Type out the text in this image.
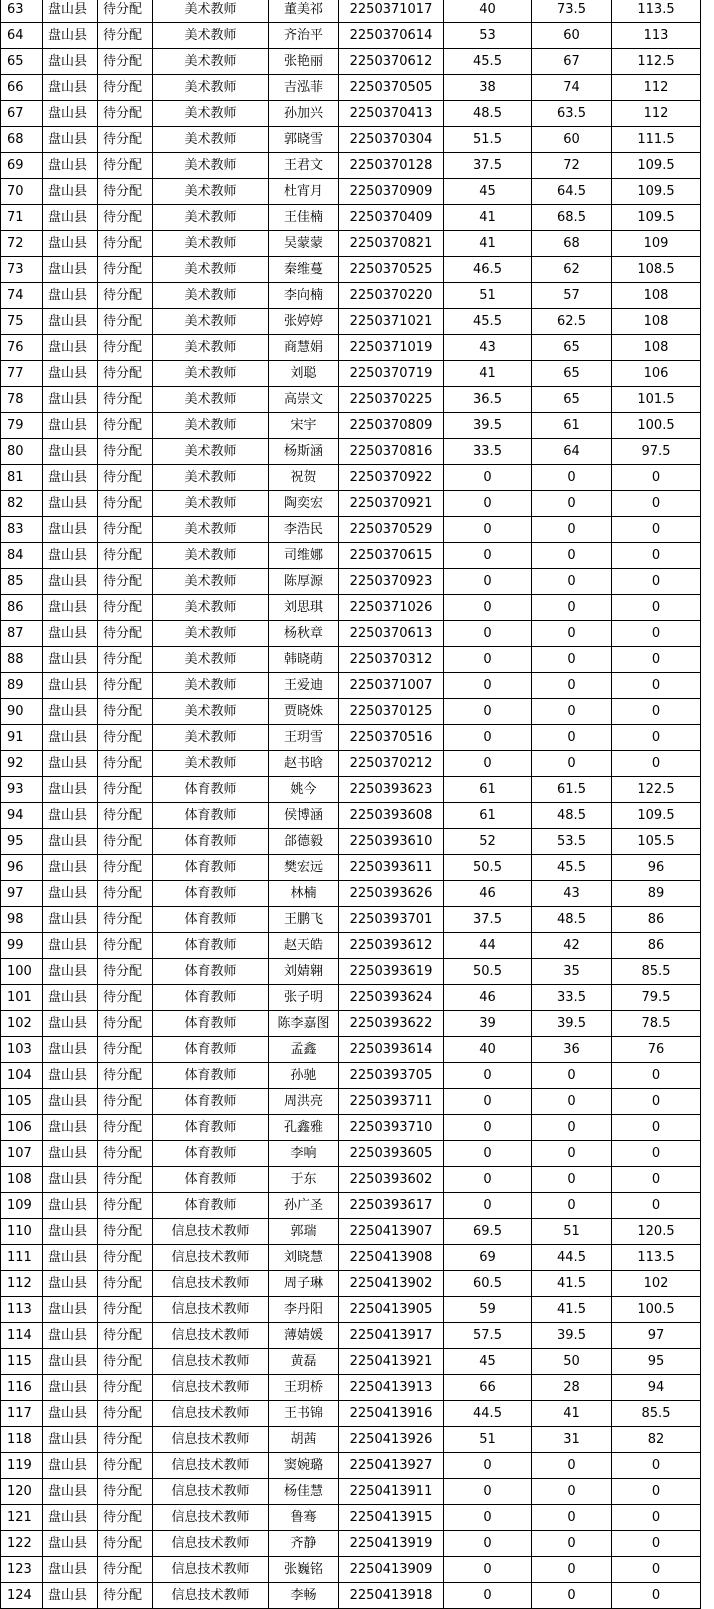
63	盘山县	待分配	美术教师	董美祁	2250371017	40	73.5	113.5
64	盘山县	待分配	美术教师	齐治平	2250370614	53	60	113
65	盘山县	待分配	美术教师	张艳丽	2250370612	45.5	67	112.5
66	盘山县	待分配	美术教师	吉泓菲	2250370505	38	74	112
67	盘山县	待分配	美术教师	孙加兴	2250370413	48.5	63.5	112
68	盘山县	待分配	美术教师	郭晓雪	2250370304	51.5	60	111.5
69	盘山县	待分配	美术教师	王君文	2250370128	37.5	72	109.5
70	盘山县	待分配	美术教师	杜宵月	2250370909	45	64.5	109.5
71	盘山县	待分配	美术教师	王佳楠	2250370409	41	68.5	109.5
72	盘山县	待分配	美术教师	吴蒙蒙	2250370821	41	68	109
73	盘山县	待分配	美术教师	秦维蔓	2250370525	46.5	62	108.5
74	盘山县	待分配	美术教师	李向楠	2250370220	51	57	108
75	盘山县	待分配	美术教师	张婷婷	2250371021	45.5	62.5	108
76	盘山县	待分配	美术教师	商慧娟	2250371019	43	65	108
77	盘山县	待分配	美术教师	刘聪	2250370719	41	65	106
78	盘山县	待分配	美术教师	高崇文	2250370225	36.5	65	101.5
79	盘山县	待分配	美术教师	宋宇	2250370809	39.5	61	100.5
80	盘山县	待分配	美术教师	杨斯涵	2250370816	33.5	64	97.5
81	盘山县	待分配	美术教师	祝贺	2250370922	0	0	0
82	盘山县	待分配	美术教师	陶奕宏	2250370921	0	0	0
83	盘山县	待分配	美术教师	李浩民	2250370529	0	0	0
84	盘山县	待分配	美术教师	司维娜	2250370615	0	0	0
85	盘山县	待分配	美术教师	陈厚源	2250370923	0	0	0
86	盘山县	待分配	美术教师	刘思琪	2250371026	0	0	0
87	盘山县	待分配	美术教师	杨秋章	2250370613	0	0	0
88	盘山县	待分配	美术教师	韩晓萌	2250370312	0	0	0
89	盘山县	待分配	美术教师	王爱迪	2250371007	0	0	0
90	盘山县	待分配	美术教师	贾晓姝	2250370125	0	0	0
91	盘山县	待分配	美术教师	王玥雪	2250370516	0	0	0
92	盘山县	待分配	美术教师	赵书晗	2250370212	0	0	0
93	盘山县	待分配	体育教师	姚今	2250393623	61	61.5	122.5
94	盘山县	待分配	体育教师	侯博涵	2250393608	61	48.5	109.5
95	盘山县	待分配	体育教师	郃德毅	2250393610	52	53.5	105.5
96	盘山县	待分配	体育教师	樊宏远	2250393611	50.5	45.5	96
97	盘山县	待分配	体育教师	林楠	2250393626	46	43	89
98	盘山县	待分配	体育教师	王鹏飞	2250393701	37.5	48.5	86
99	盘山县	待分配	体育教师	赵天皓	2250393612	44	42	86
100	盘山县	待分配	体育教师	刘婧翱	2250393619	50.5	35	85.5
101	盘山县	待分配	体育教师	张子明	2250393624	46	33.5	79.5
102	盘山县	待分配	体育教师	陈李嘉图	2250393622	39	39.5	78.5
103	盘山县	待分配	体育教师	孟鑫	2250393614	40	36	76
104	盘山县	待分配	体育教师	孙驰	2250393705	0	0	0
105	盘山县	待分配	体育教师	周洪亮	2250393711	0	0	0
106	盘山县	待分配	体育教师	孔鑫雅	2250393710	0	0	0
107	盘山县	待分配	体育教师	李响	2250393605	0	0	0
108	盘山县	待分配	体育教师	于东	2250393602	0	0	0
109	盘山县	待分配	体育教师	孙广圣	2250393617	0	0	0
110	盘山县	待分配	信息技术教师	郭瑞	2250413907	69.5	51	120.5
111	盘山县	待分配	信息技术教师	刘晓慧	2250413908	69	44.5	113.5
112	盘山县	待分配	信息技术教师	周子琳	2250413902	60.5	41.5	102
113	盘山县	待分配	信息技术教师	李丹阳	2250413905	59	41.5	100.5
114	盘山县	待分配	信息技术教师	薄婧媛	2250413917	57.5	39.5	97
115	盘山县	待分配	信息技术教师	黄磊	2250413921	45	50	95
116	盘山县	待分配	信息技术教师	王玥桥	2250413913	66	28	94
117	盘山县	待分配	信息技术教师	王书锦	2250413916	44.5	41	85.5
118	盘山县	待分配	信息技术教师	胡茜	2250413926	51	31	82
119	盘山县	待分配	信息技术教师	窦婉璐	2250413927	0	0	0
120	盘山县	待分配	信息技术教师	杨佳慧	2250413911	0	0	0
121	盘山县	待分配	信息技术教师	鲁骞	2250413915	0	0	0
122	盘山县	待分配	信息技术教师	齐静	2250413919	0	0	0
123	盘山县	待分配	信息技术教师	张巍铭	2250413909	0	0	0
124	盘山县	待分配	信息技术教师	李畅	2250413918	0	0	0
